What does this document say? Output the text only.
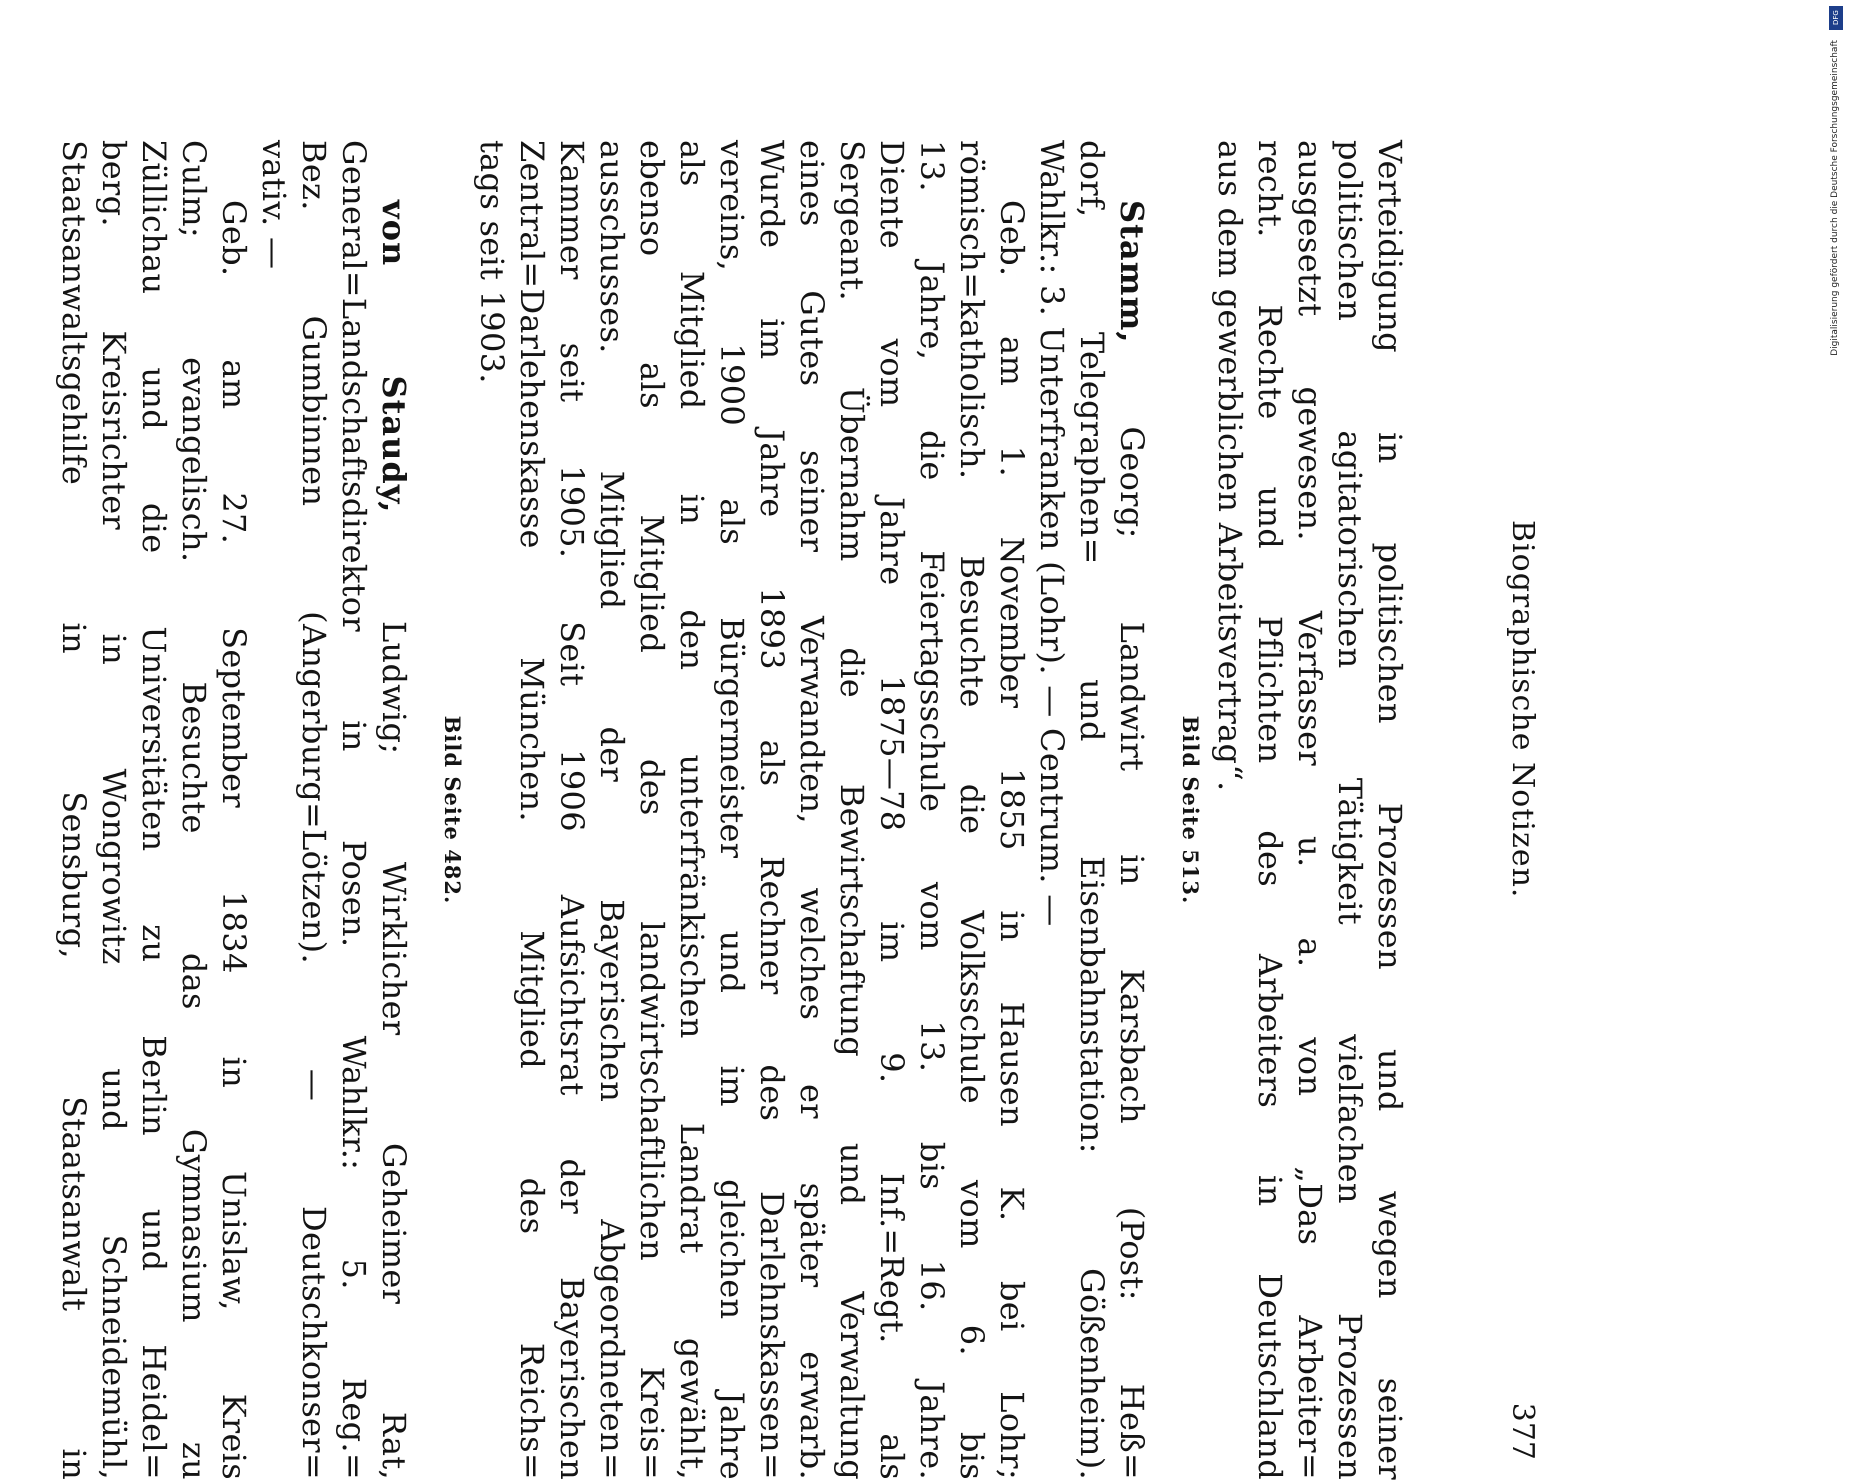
Biographische Notizen.
377
Verteidigung in politischen Prozessen und wegen seiner
politischen agitatorischen Tätigkeit vielfachen Prozessen
ausgesetzt gewesen. Verfasser u. a. von „Das Arbeiter=
recht. Rechte und Pflichten des Arbeiters in Deutschland
aus dem gewerblichen Arbeitsvertrag“.
Bild Seite 513.
Stamm, Georg; Landwirt in Karsbach (Post: Heß=
dorf, Telegraphen= und Eisenbahnstation: Gößenheim).
Wahlkr.: 3. Unterfranken (Lohr). — Centrum. —
Geb. am 1. November 1855 in Hausen K. bei Lohr;
römisch=katholisch. Besuchte die Volksschule vom 6. bis
13. Jahre, die Feiertagsschule vom 13. bis 16. Jahre.
Diente vom Jahre 1875—78 im 9. Inf.=Regt. als
Sergeant. Übernahm die Bewirtschaftung und Verwaltung
eines Gutes seiner Verwandten, welches er später erwarb.
Wurde im Jahre 1893 als Rechner des Darlehnskassen=
vereins, 1900 als Bürgermeister und im gleichen Jahre
als Mitglied in den unterfränkischen Landrat gewählt,
ebenso als Mitglied des landwirtschaftlichen Kreis=
ausschusses. Mitglied der Bayerischen Abgeordneten=
Kammer seit 1905. Seit 1906 Aufsichtsrat der Bayerischen
Zentral=Darlehenskasse München. Mitglied des Reichs=
tags seit 1903.
Bild Seite 482.
von Staudy, Ludwig; Wirklicher Geheimer Rat,
General=Landschaftsdirektor in Posen. Wahlkr.: 5. Reg.=
Bez. Gumbinnen (Angerburg=Lötzen). — Deutschkonser=
vativ. —
Geb. am 27. September 1834 in Unislaw, Kreis
Culm; evangelisch. Besuchte das Gymnasium zu
Züllichau und die Universitäten zu Berlin und Heidel=
berg. Kreisrichter in Wongrowitz und Schneidemühl,
Staatsanwaltsgehilfe in Sensburg, Staatsanwalt in
DFG
Digitalisierung gefördert durch die Deutsche Forschungsgemeinschaft
